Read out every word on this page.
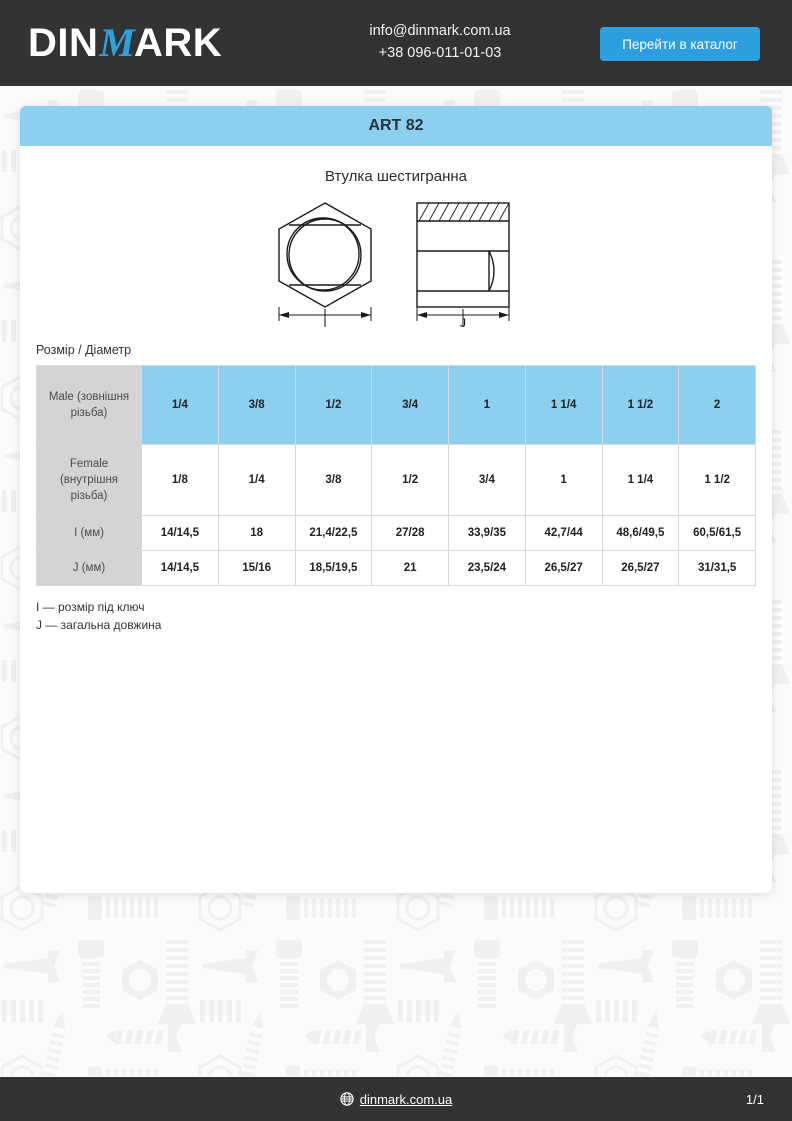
DINMARK	info@dinmark.com.ua
+38 096-011-01-03
Перейти в каталог
ART 82
Втулка шестигранна
I	J
Розмір / Діаметр
Male (зовнішня різьба)	1/4	3/8	1/2	3/4	1	1 1/4	1 1/2	2
Female (внутрішня різьба)	1/8	1/4	3/8	1/2	3/4	1	1 1/4	1 1/2
I (мм)	14/14,5	18	21,4/22,5	27/28	33,9/35	42,7/44	48,6/49,5	60,5/61,5
J (мм)	14/14,5	15/16	18,5/19,5	21	23,5/24	26,5/27	26,5/27	31/31,5
I — розмір під ключ
J — загальна довжина
dinmark.com.ua	1/1
